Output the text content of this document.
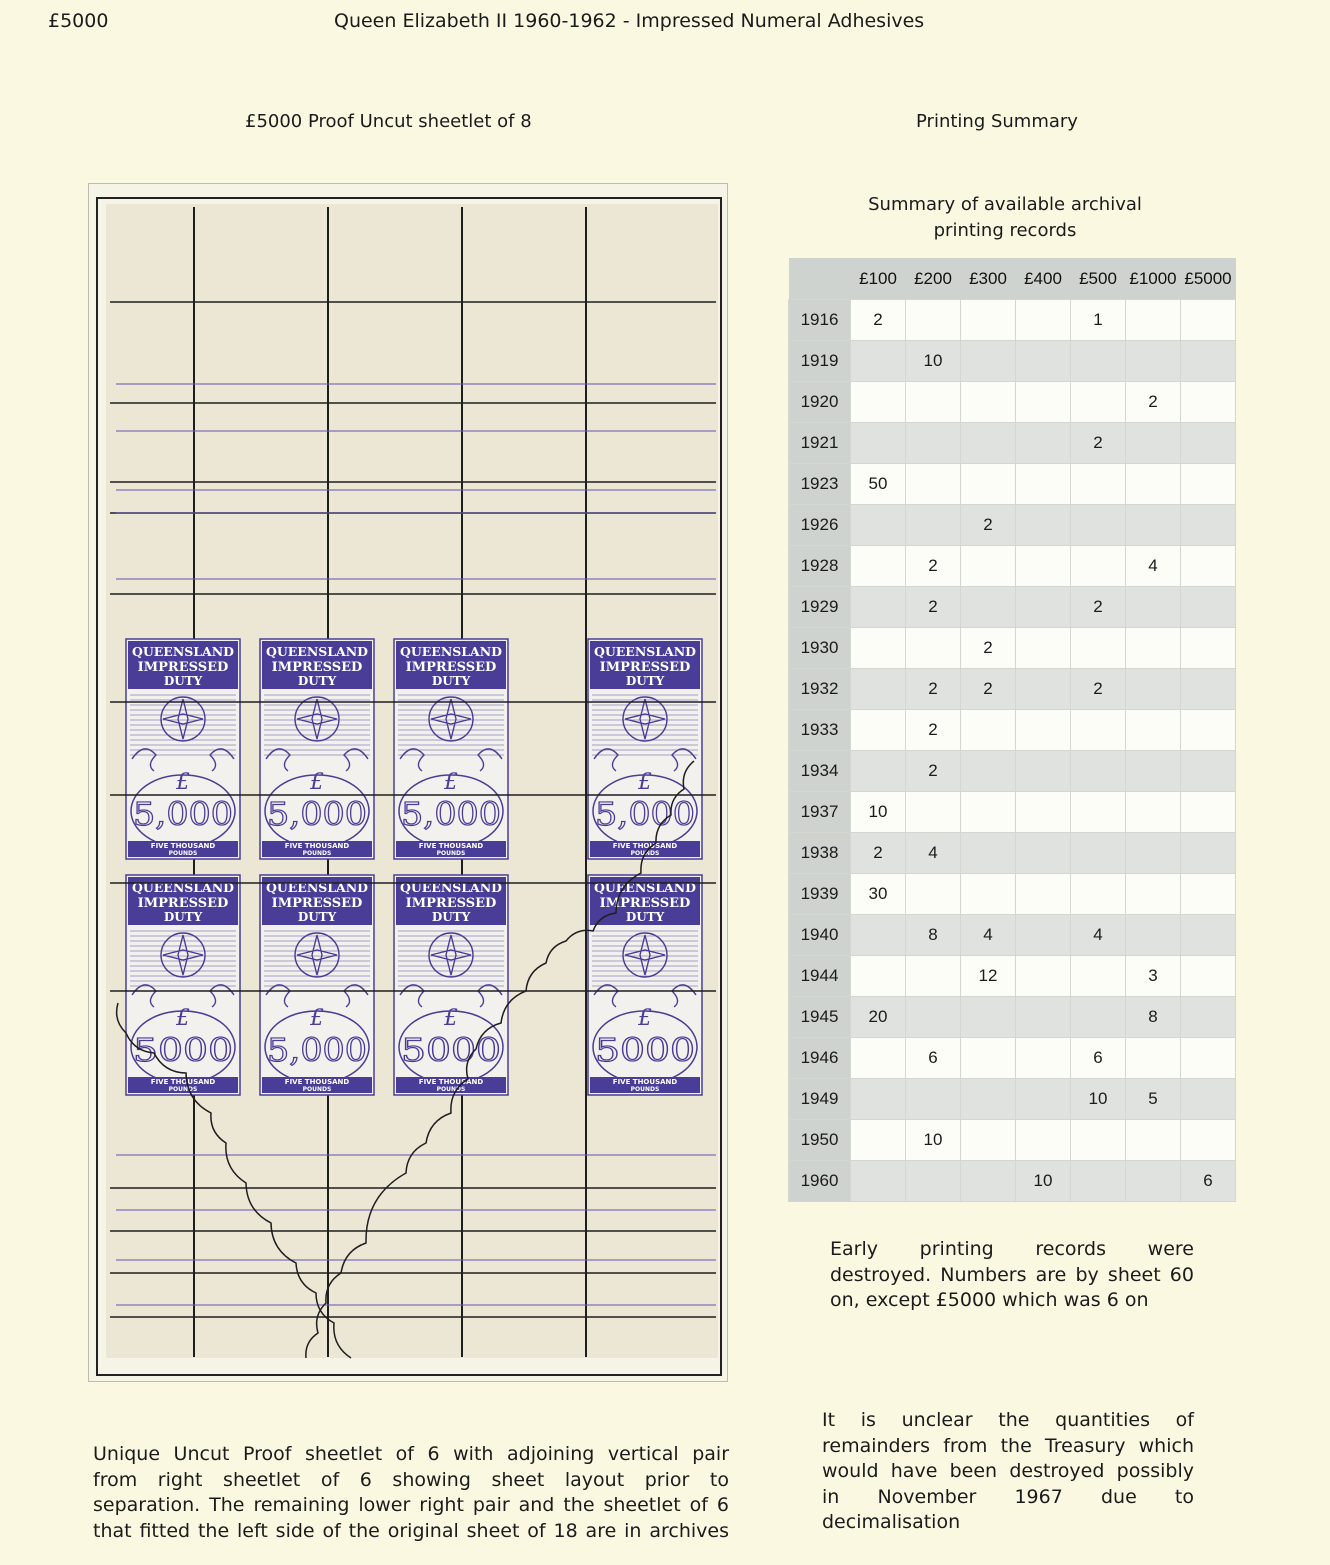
£5000	Queen Elizabeth II 1960-1962 - Impressed Numeral Adhesives
£5000 Proof Uncut sheetlet of 8	Printing Summary
Summary of available archival printing records
QUEENSLAND
IMPRESSED
DUTY
£
5,000
FIVE THOUSAND
POUNDS
QUEENSLAND
IMPRESSED
DUTY
£
5,000
FIVE THOUSAND
POUNDS
QUEENSLAND
IMPRESSED
DUTY
£
5,000
FIVE THOUSAND
POUNDS
QUEENSLAND
IMPRESSED
DUTY
£
5,000
FIVE THOUSAND
POUNDS
QUEENSLAND
IMPRESSED
DUTY
£
5000
FIVE THOUSAND
POUNDS
QUEENSLAND
IMPRESSED
DUTY
£
5,000
FIVE THOUSAND
POUNDS
QUEENSLAND
IMPRESSED
DUTY
£
5000
FIVE THOUSAND
POUNDS
QUEENSLAND
IMPRESSED
DUTY
£
5000
FIVE THOUSAND
POUNDS
	£100	£200	£300	£400	£500	£1000	£5000
1916	2				1		
1919		10					
1920						2	
1921					2		
1923	50						
1926			2				
1928		2				4	
1929		2			2		
1930			2				
1932		2	2		2		
1933		2					
1934		2					
1937	10						
1938	2	4					
1939	30						
1940		8	4		4		
1944			12			3	
1945	20					8	
1946		6			6		
1949					10	5	
1950		10					
1960				10			6
Early printing records were
destroyed. Numbers are by sheet 60
on, except £5000 which was 6 on
It is unclear the quantities of
remainders from the Treasury which
would have been destroyed possibly
in November 1967 due to
decimalisation
Unique Uncut Proof sheetlet of 6 with adjoining vertical pair
from right sheetlet of 6 showing sheet layout prior to
separation. The remaining lower right pair and the sheetlet of 6
that fitted the left side of the original sheet of 18 are in archives
